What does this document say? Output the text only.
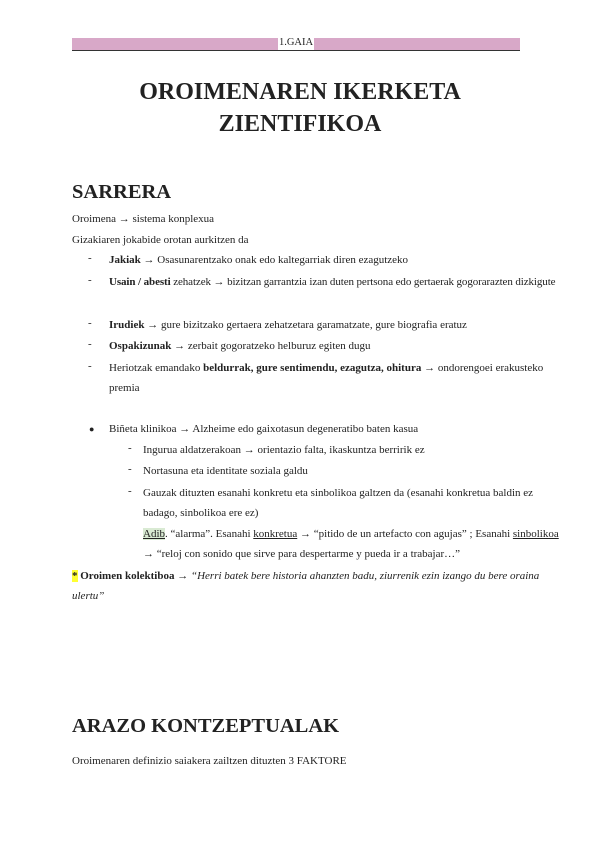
1.GAIA
OROIMENAREN IKERKETA
ZIENTIFIKOA
SARRERA
Oroimena → sistema konplexua
Gizakiaren jokabide orotan aurkitzen da
- Jakiak → Osasunarentzako onak edo kaltegarriak diren ezagutzeko
- Usain / abesti zehatzek → bizitzan garrantzia izan duten pertsona edo gertaerak gogorarazten dizkigute
- Irudiek → gure bizitzako gertaera zehatzetara garamatzate, gure biografia eratuz
- Ospakizunak → zerbait gogoratzeko helburuz egiten dugu
- Heriotzak emandako beldurrak, gure sentimendu, ezagutza, ohitura → ondorengoei erakusteko premia
● Biñeta klinikoa → Alzheime edo gaixotasun degeneratibo baten kasua
- Ingurua aldatzerakoan → orientazio falta, ikaskuntza berririk ez
- Nortasuna eta identitate soziala galdu
- Gauzak dituzten esanahi konkretu eta sinbolikoa galtzen da (esanahi konkretua baldin ez badago, sinbolikoa ere ez)
Adib. “alarma”. Esanahi konkretua → “pitido de un artefacto con agujas” ; Esanahi sinbolikoa → “reloj con sonido que sirve para despertarme y pueda ir a trabajar…”
* Oroimen kolektiboa → “Herri batek bere historia ahanzten badu, ziurrenik ezin izango du bere oraina ulertu”
ARAZO KONTZEPTUALAK
Oroimenaren definizio saiakera zailtzen dituzten 3 FAKTORE
